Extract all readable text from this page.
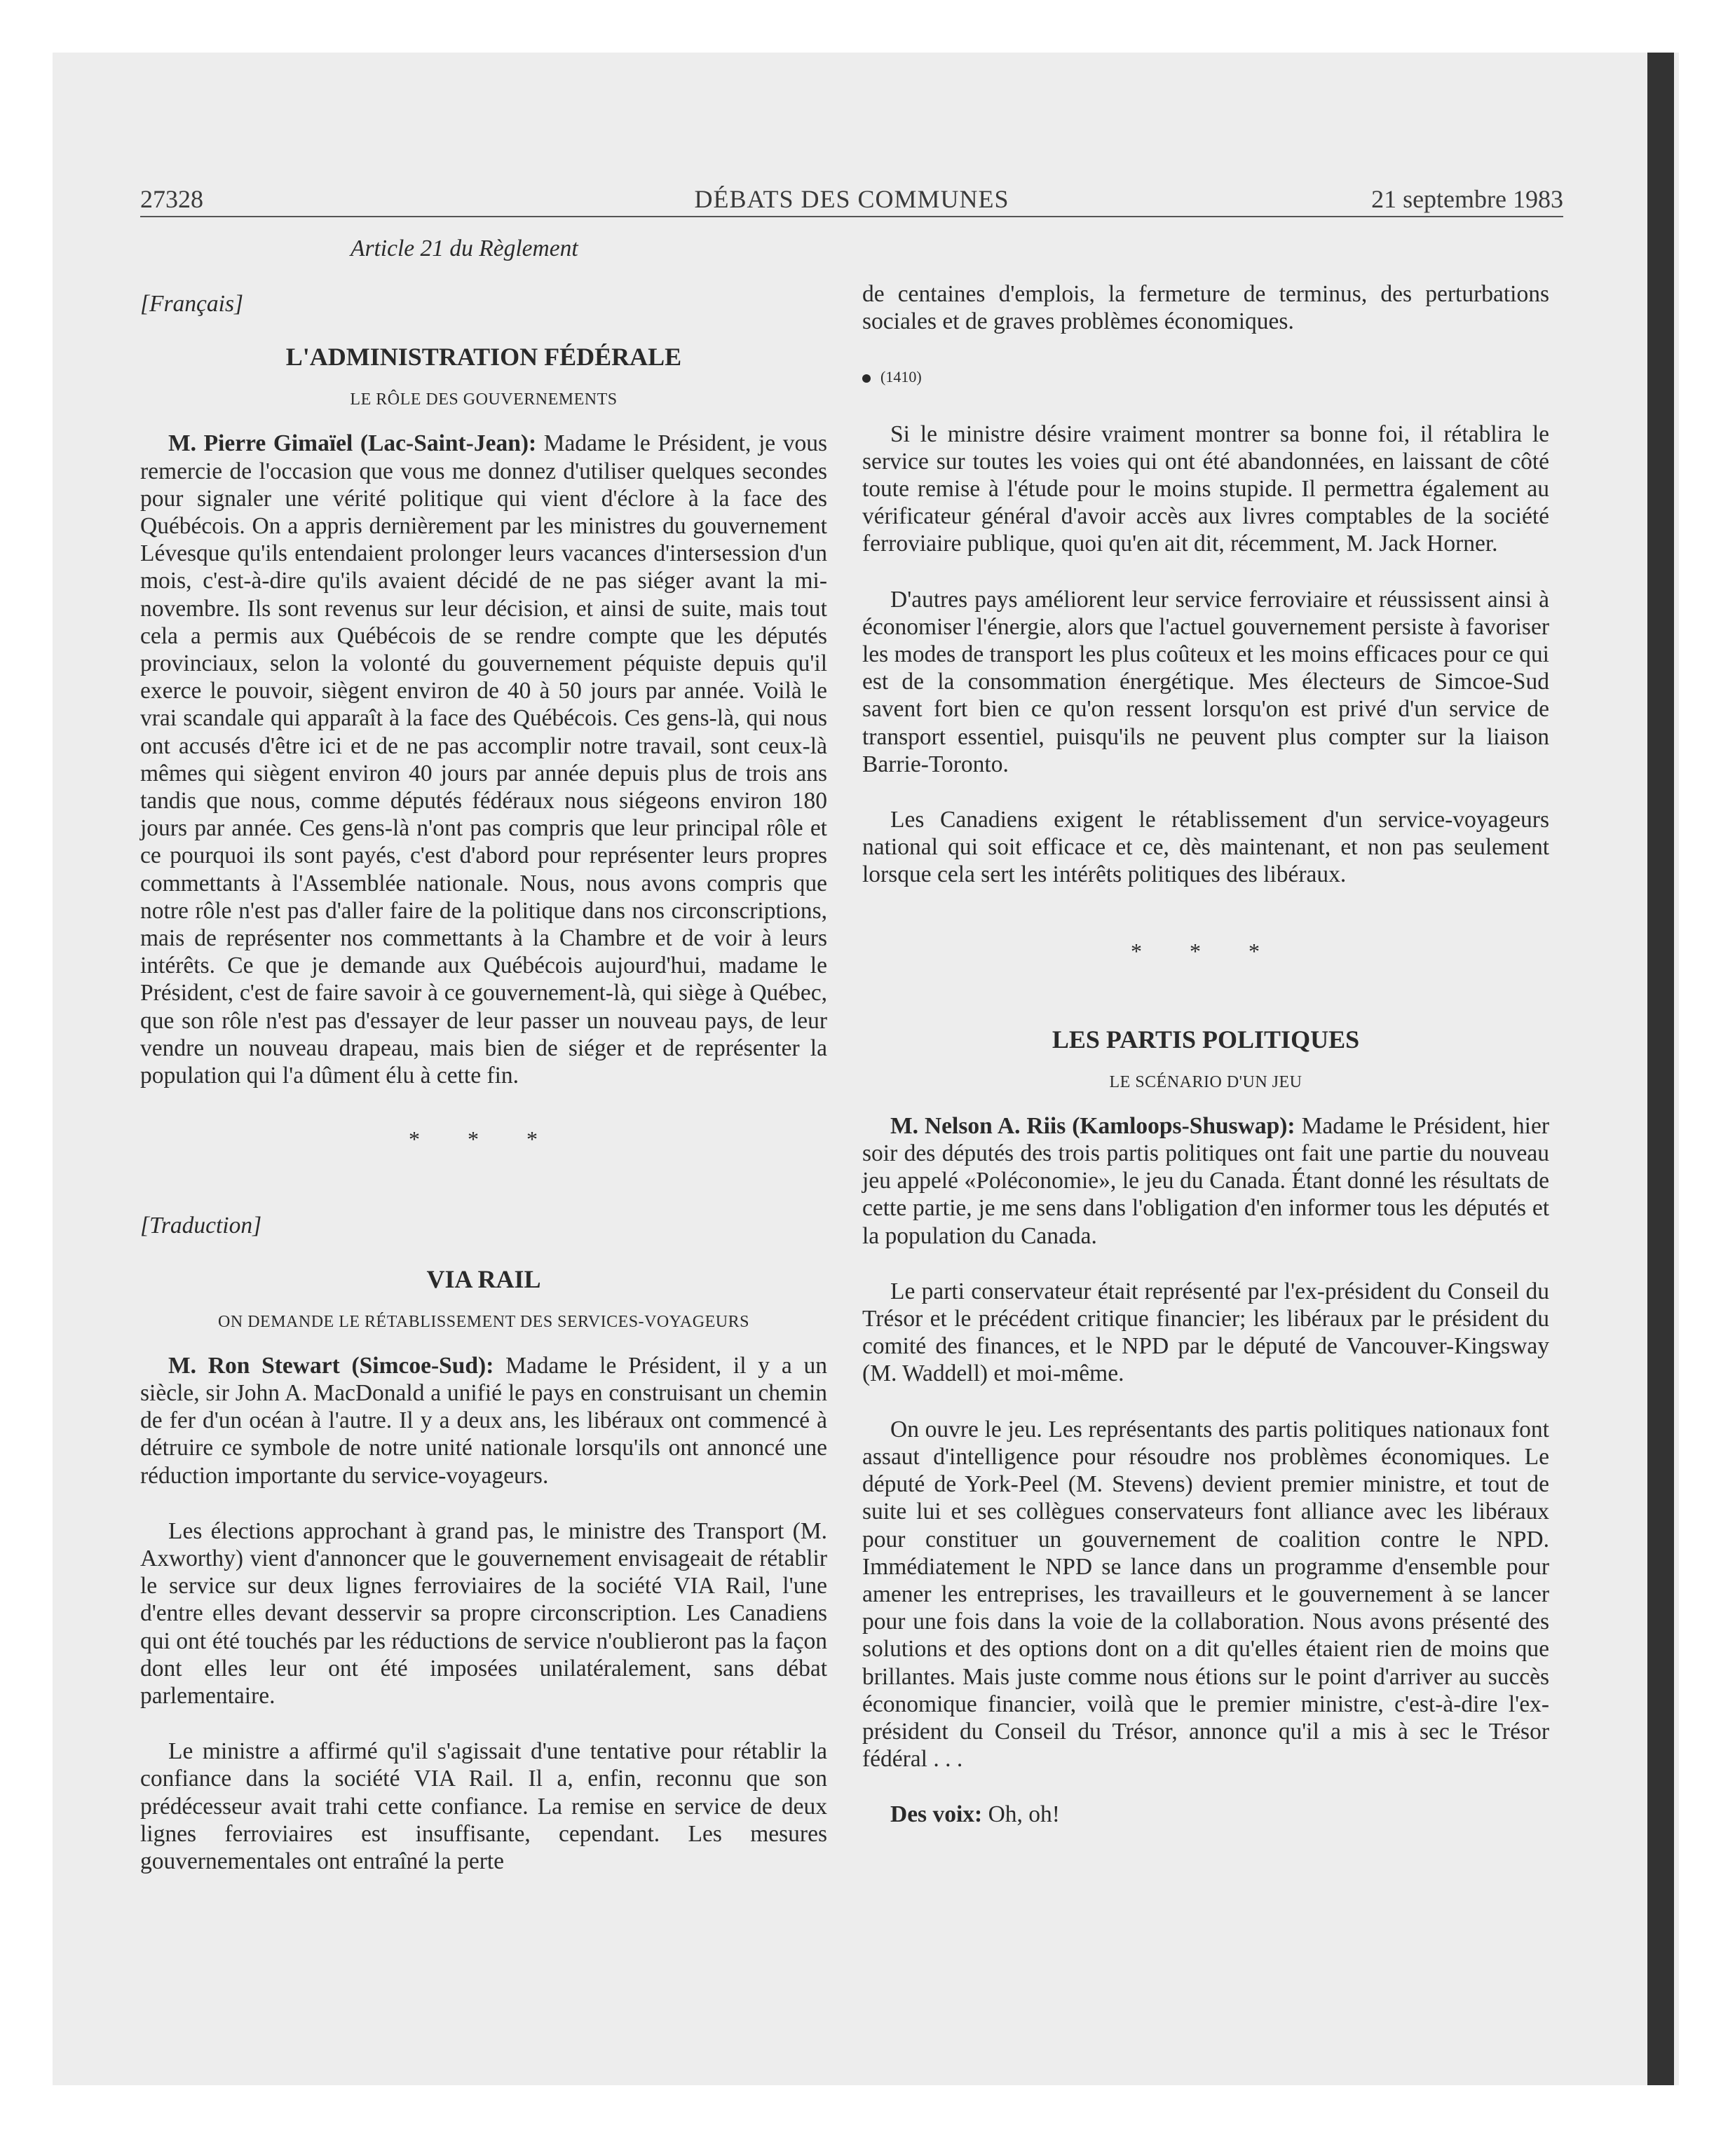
27328	DÉBATS DES COMMUNES	21 septembre 1983
Article 21 du Règlement
[Français]
L'ADMINISTRATION FÉDÉRALE
LE RÔLE DES GOUVERNEMENTS

M. Pierre Gimaïel (Lac-Saint-Jean): Madame le Président, je vous remercie de l'occasion que vous me donnez d'utiliser quelques secondes pour signaler une vérité politique qui vient d'éclore à la face des Québécois. On a appris dernièrement par les ministres du gouvernement Lévesque qu'ils entendaient prolonger leurs vacances d'intersession d'un mois, c'est-à-dire qu'ils avaient décidé de ne pas siéger avant la mi-novembre. Ils sont revenus sur leur décision, et ainsi de suite, mais tout cela a permis aux Québécois de se rendre compte que les députés provinciaux, selon la volonté du gouvernement péquiste depuis qu'il exerce le pouvoir, siègent environ de 40 à 50 jours par année. Voilà le vrai scandale qui apparaît à la face des Québécois. Ces gens-là, qui nous ont accusés d'être ici et de ne pas accomplir notre travail, sont ceux-là mêmes qui siègent environ 40 jours par année depuis plus de trois ans tandis que nous, comme députés fédéraux nous siégeons environ 180 jours par année. Ces gens-là n'ont pas compris que leur principal rôle et ce pourquoi ils sont payés, c'est d'abord pour représenter leurs propres commettants à l'Assemblée nationale. Nous, nous avons compris que notre rôle n'est pas d'aller faire de la politique dans nos circonscriptions, mais de représenter nos commettants à la Chambre et de voir à leurs intérêts. Ce que je demande aux Québécois aujourd'hui, madame le Président, c'est de faire savoir à ce gouvernement-là, qui siège à Québec, que son rôle n'est pas d'essayer de leur passer un nouveau pays, de leur vendre un nouveau drapeau, mais bien de siéger et de représenter la population qui l'a dûment élu à cette fin.

* * *
[Traduction]
VIA RAIL
ON DEMANDE LE RÉTABLISSEMENT DES SERVICES-VOYAGEURS

M. Ron Stewart (Simcoe-Sud): Madame le Président, il y a un siècle, sir John A. MacDonald a unifié le pays en construisant un chemin de fer d'un océan à l'autre. Il y a deux ans, les libéraux ont commencé à détruire ce symbole de notre unité nationale lorsqu'ils ont annoncé une réduction importante du service-voyageurs.

Les élections approchant à grand pas, le ministre des Transport (M. Axworthy) vient d'annoncer que le gouvernement envisageait de rétablir le service sur deux lignes ferroviaires de la société VIA Rail, l'une d'entre elles devant desservir sa propre circonscription. Les Canadiens qui ont été touchés par les réductions de service n'oublieront pas la façon dont elles leur ont été imposées unilatéralement, sans débat parlementaire.

Le ministre a affirmé qu'il s'agissait d'une tentative pour rétablir la confiance dans la société VIA Rail. Il a, enfin, reconnu que son prédécesseur avait trahi cette confiance. La remise en service de deux lignes ferroviaires est insuffisante, cependant. Les mesures gouvernementales ont entraîné la perte

de centaines d'emplois, la fermeture de terminus, des perturbations sociales et de graves problèmes économiques.

(1410)

Si le ministre désire vraiment montrer sa bonne foi, il rétablira le service sur toutes les voies qui ont été abandonnées, en laissant de côté toute remise à l'étude pour le moins stupide. Il permettra également au vérificateur général d'avoir accès aux livres comptables de la société ferroviaire publique, quoi qu'en ait dit, récemment, M. Jack Horner.

D'autres pays améliorent leur service ferroviaire et réussissent ainsi à économiser l'énergie, alors que l'actuel gouvernement persiste à favoriser les modes de transport les plus coûteux et les moins efficaces pour ce qui est de la consommation énergétique. Mes électeurs de Simcoe-Sud savent fort bien ce qu'on ressent lorsqu'on est privé d'un service de transport essentiel, puisqu'ils ne peuvent plus compter sur la liaison Barrie-Toronto.

Les Canadiens exigent le rétablissement d'un service-voyageurs national qui soit efficace et ce, dès maintenant, et non pas seulement lorsque cela sert les intérêts politiques des libéraux.

* * *
LES PARTIS POLITIQUES
LE SCÉNARIO D'UN JEU

M. Nelson A. Riis (Kamloops-Shuswap): Madame le Président, hier soir des députés des trois partis politiques ont fait une partie du nouveau jeu appelé «Poléconomie», le jeu du Canada. Étant donné les résultats de cette partie, je me sens dans l'obligation d'en informer tous les députés et la population du Canada.

Le parti conservateur était représenté par l'ex-président du Conseil du Trésor et le précédent critique financier; les libéraux par le président du comité des finances, et le NPD par le député de Vancouver-Kingsway (M. Waddell) et moi-même.

On ouvre le jeu. Les représentants des partis politiques nationaux font assaut d'intelligence pour résoudre nos problèmes économiques. Le député de York-Peel (M. Stevens) devient premier ministre, et tout de suite lui et ses collègues conservateurs font alliance avec les libéraux pour constituer un gouvernement de coalition contre le NPD. Immédiatement le NPD se lance dans un programme d'ensemble pour amener les entreprises, les travailleurs et le gouvernement à se lancer pour une fois dans la voie de la collaboration. Nous avons présenté des solutions et des options dont on a dit qu'elles étaient rien de moins que brillantes. Mais juste comme nous étions sur le point d'arriver au succès économique financier, voilà que le premier ministre, c'est-à-dire l'ex-président du Conseil du Trésor, annonce qu'il a mis à sec le Trésor fédéral . . .

Des voix: Oh, oh!
